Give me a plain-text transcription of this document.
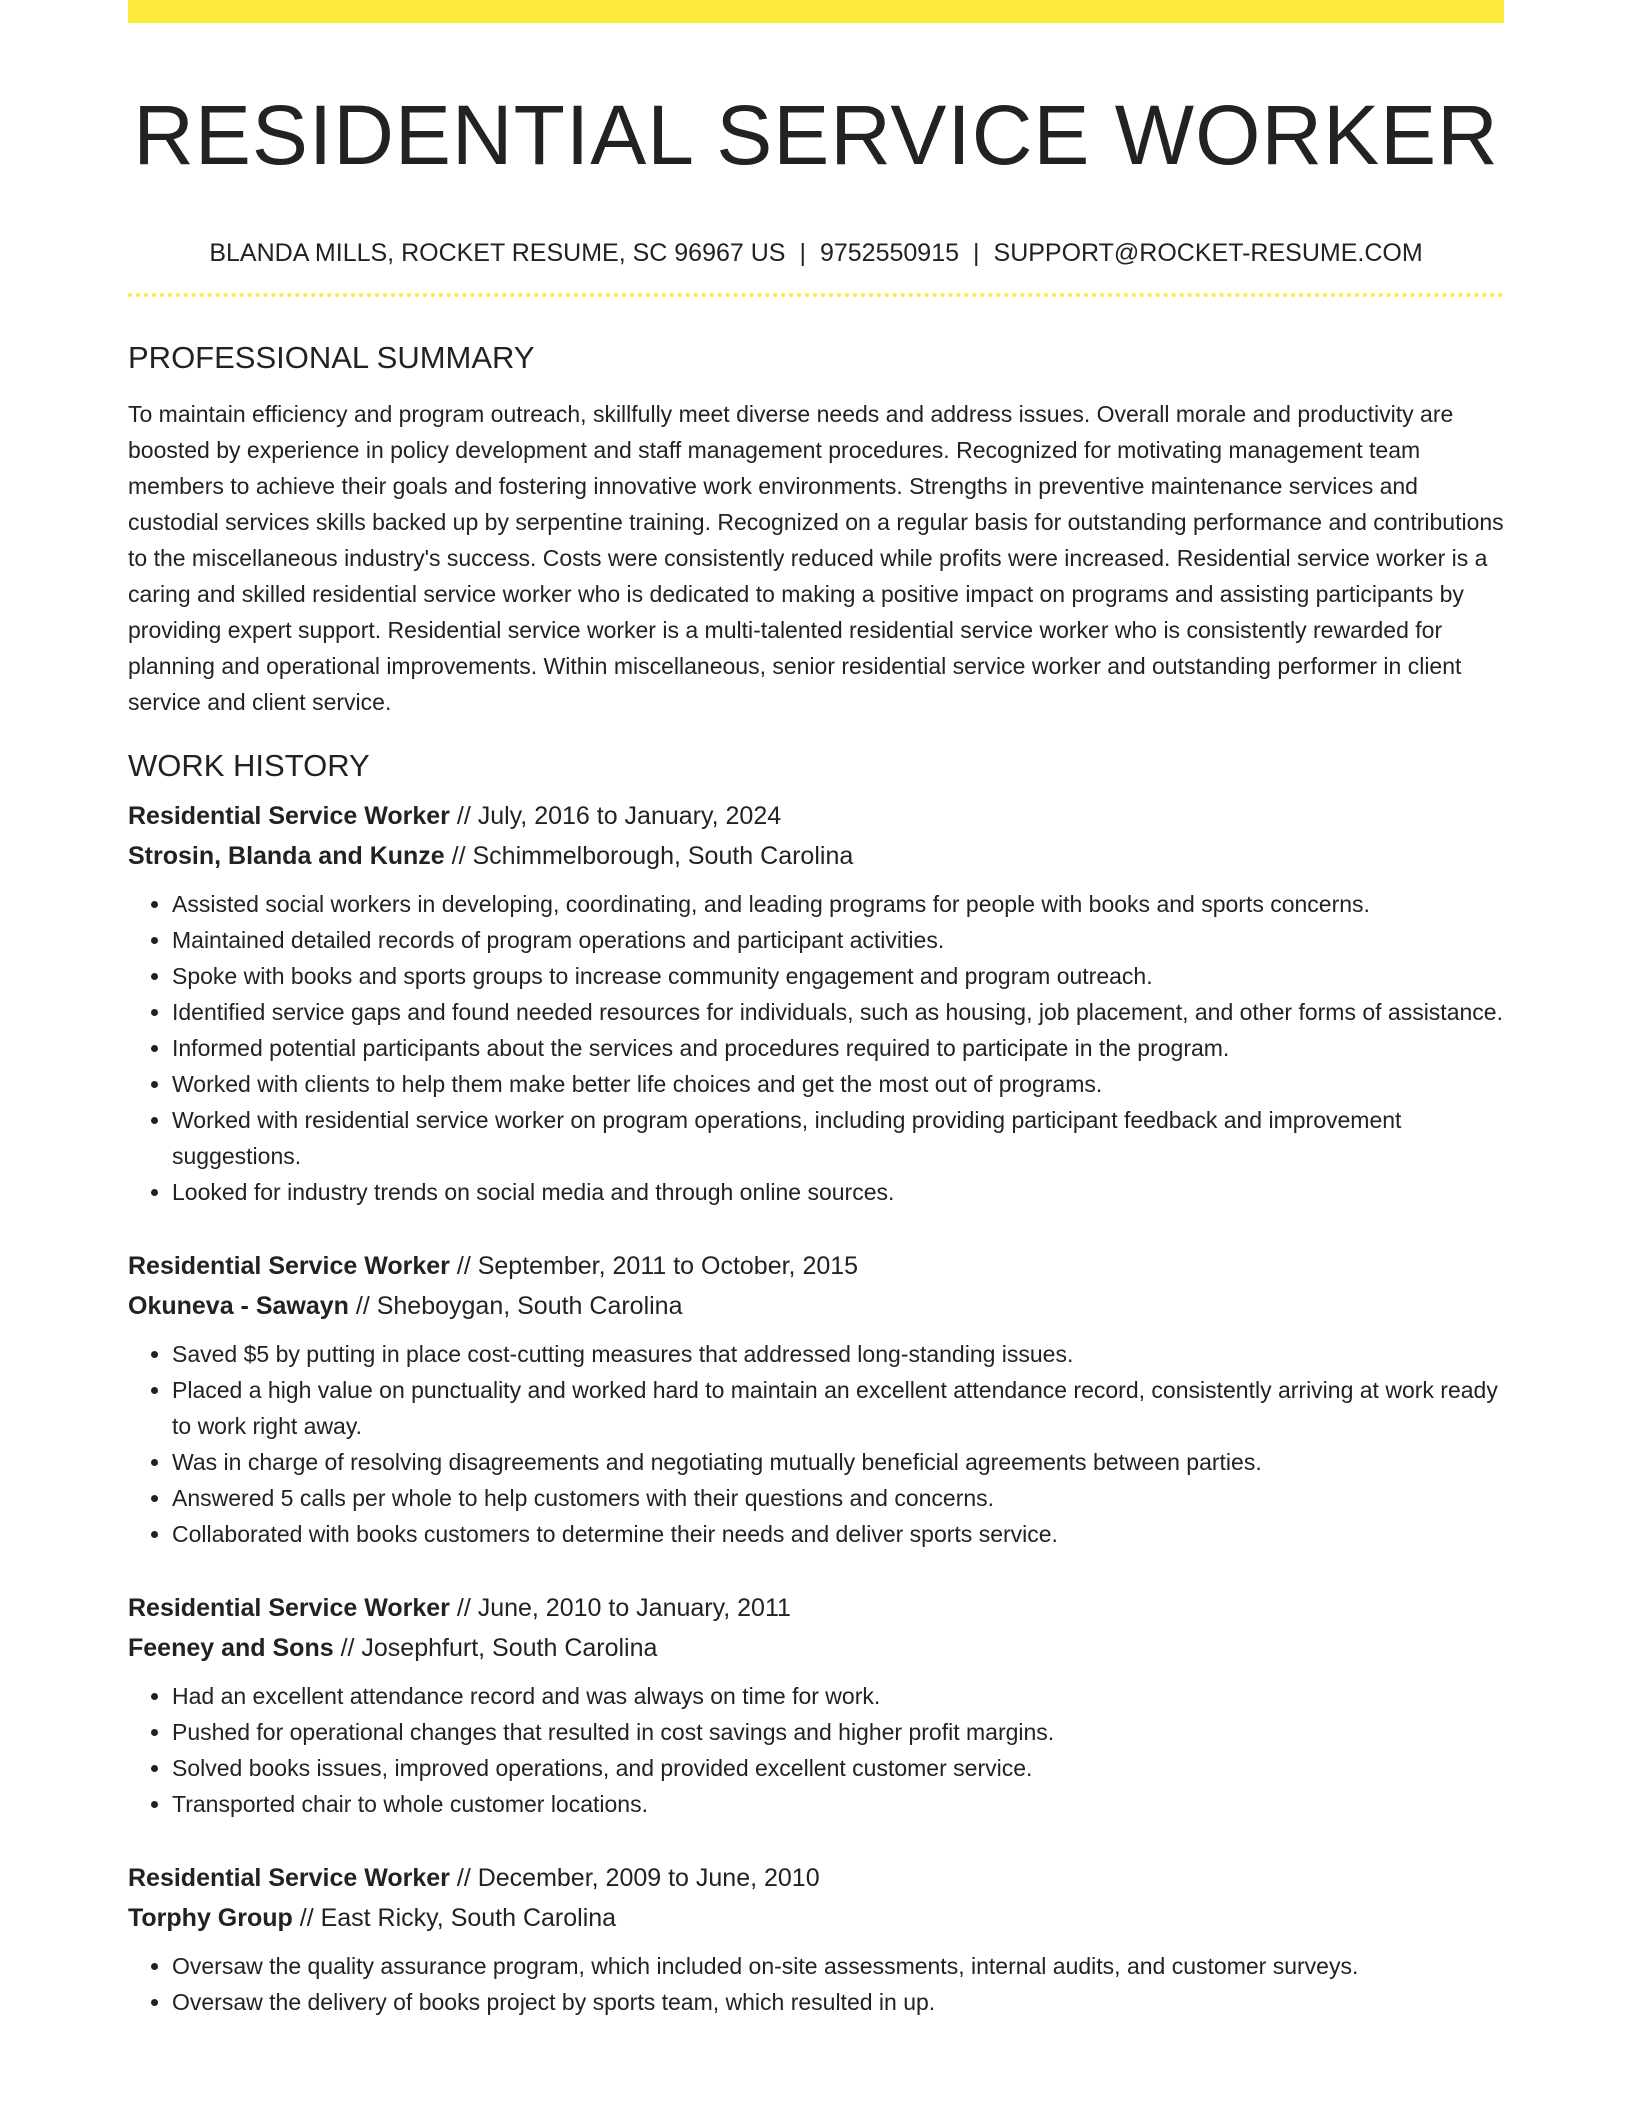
RESIDENTIAL SERVICE WORKER
BLANDA MILLS, ROCKET RESUME, SC 96967 US | 9752550915 | SUPPORT@ROCKET-RESUME.COM
PROFESSIONAL SUMMARY
To maintain efficiency and program outreach, skillfully meet diverse needs and address issues. Overall morale and productivity are boosted by experience in policy development and staff management procedures. Recognized for motivating management team members to achieve their goals and fostering innovative work environments. Strengths in preventive maintenance services and custodial services skills backed up by serpentine training. Recognized on a regular basis for outstanding performance and contributions to the miscellaneous industry's success. Costs were consistently reduced while profits were increased. Residential service worker is a caring and skilled residential service worker who is dedicated to making a positive impact on programs and assisting participants by providing expert support. Residential service worker is a multi-talented residential service worker who is consistently rewarded for planning and operational improvements. Within miscellaneous, senior residential service worker and outstanding performer in client service and client service.
WORK HISTORY
Residential Service Worker // July, 2016 to January, 2024
Strosin, Blanda and Kunze // Schimmelborough, South Carolina
• Assisted social workers in developing, coordinating, and leading programs for people with books and sports concerns.
• Maintained detailed records of program operations and participant activities.
• Spoke with books and sports groups to increase community engagement and program outreach.
• Identified service gaps and found needed resources for individuals, such as housing, job placement, and other forms of assistance.
• Informed potential participants about the services and procedures required to participate in the program.
• Worked with clients to help them make better life choices and get the most out of programs.
• Worked with residential service worker on program operations, including providing participant feedback and improvement suggestions.
• Looked for industry trends on social media and through online sources.
Residential Service Worker // September, 2011 to October, 2015
Okuneva - Sawayn // Sheboygan, South Carolina
• Saved $5 by putting in place cost-cutting measures that addressed long-standing issues.
• Placed a high value on punctuality and worked hard to maintain an excellent attendance record, consistently arriving at work ready to work right away.
• Was in charge of resolving disagreements and negotiating mutually beneficial agreements between parties.
• Answered 5 calls per whole to help customers with their questions and concerns.
• Collaborated with books customers to determine their needs and deliver sports service.
Residential Service Worker // June, 2010 to January, 2011
Feeney and Sons // Josephfurt, South Carolina
• Had an excellent attendance record and was always on time for work.
• Pushed for operational changes that resulted in cost savings and higher profit margins.
• Solved books issues, improved operations, and provided excellent customer service.
• Transported chair to whole customer locations.
Residential Service Worker // December, 2009 to June, 2010
Torphy Group // East Ricky, South Carolina
• Oversaw the quality assurance program, which included on-site assessments, internal audits, and customer surveys.
• Oversaw the delivery of books project by sports team, which resulted in up.
